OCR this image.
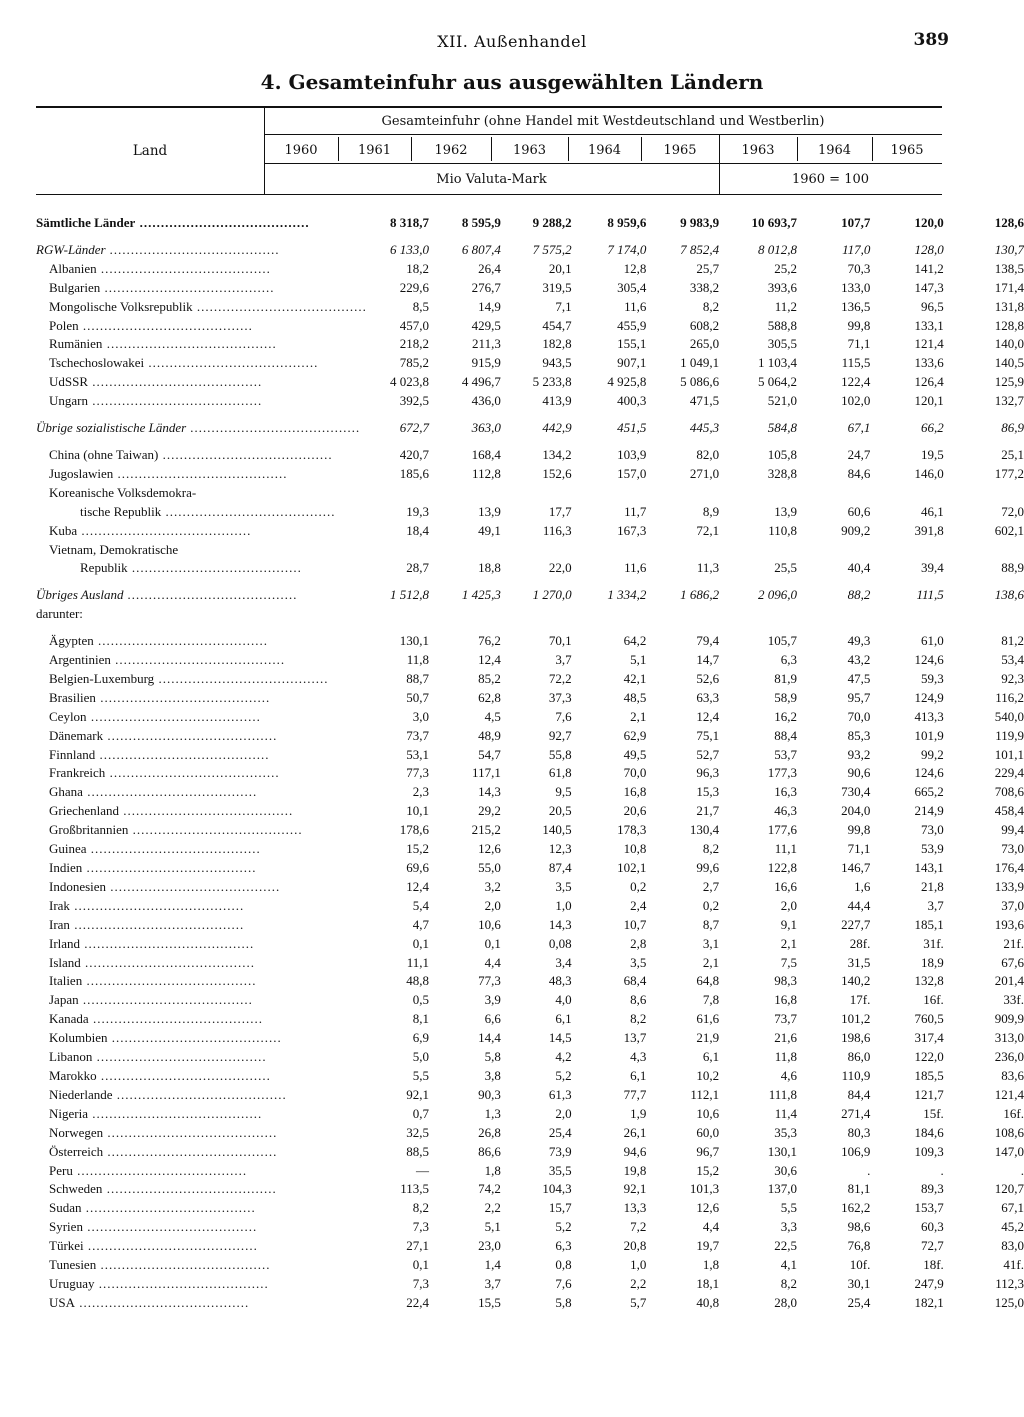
XII. Außenhandel	389
4. Gesamteinfuhr aus ausgewählten Ländern
Land
Gesamteinfuhr (ohne Handel mit Westdeutschland und Westberlin)
1960	1961	1962	1963	1964	1965	1963	1964	1965
Mio Valuta-Mark	1960 = 100
Sämtliche Länder ........................................	8 318,7	8 595,9	9 288,2	8 959,6	9 983,9	10 693,7	107,7	120,0	128,6

RGW-Länder ........................................	6 133,0	6 807,4	7 575,2	7 174,0	7 852,4	8 012,8	117,0	128,0	130,7
Albanien ........................................	18,2	26,4	20,1	12,8	25,7	25,2	70,3	141,2	138,5
Bulgarien ........................................	229,6	276,7	319,5	305,4	338,2	393,6	133,0	147,3	171,4
Mongolische Volksrepublik ........................................	8,5	14,9	7,1	11,6	8,2	11,2	136,5	96,5	131,8
Polen ........................................	457,0	429,5	454,7	455,9	608,2	588,8	99,8	133,1	128,8
Rumänien ........................................	218,2	211,3	182,8	155,1	265,0	305,5	71,1	121,4	140,0
Tschechoslowakei ........................................	785,2	915,9	943,5	907,1	1 049,1	1 103,4	115,5	133,6	140,5
UdSSR ........................................	4 023,8	4 496,7	5 233,8	4 925,8	5 086,6	5 064,2	122,4	126,4	125,9
Ungarn ........................................	392,5	436,0	413,9	400,3	471,5	521,0	102,0	120,1	132,7

Übrige sozialistische Länder ........................................	672,7	363,0	442,9	451,5	445,3	584,8	67,1	66,2	86,9

China (ohne Taiwan) ........................................	420,7	168,4	134,2	103,9	82,0	105,8	24,7	19,5	25,1
Jugoslawien ........................................	185,6	112,8	152,6	157,0	271,0	328,8	84,6	146,0	177,2
Koreanische Volksdemokra-									
tische Republik ........................................	19,3	13,9	17,7	11,7	8,9	13,9	60,6	46,1	72,0
Kuba ........................................	18,4	49,1	116,3	167,3	72,1	110,8	909,2	391,8	602,1
Vietnam, Demokratische									
Republik ........................................	28,7	18,8	22,0	11,6	11,3	25,5	40,4	39,4	88,9

Übriges Ausland ........................................	1 512,8	1 425,3	1 270,0	1 334,2	1 686,2	2 096,0	88,2	111,5	138,6
darunter:									

Ägypten ........................................	130,1	76,2	70,1	64,2	79,4	105,7	49,3	61,0	81,2
Argentinien ........................................	11,8	12,4	3,7	5,1	14,7	6,3	43,2	124,6	53,4
Belgien-Luxemburg ........................................	88,7	85,2	72,2	42,1	52,6	81,9	47,5	59,3	92,3
Brasilien ........................................	50,7	62,8	37,3	48,5	63,3	58,9	95,7	124,9	116,2
Ceylon ........................................	3,0	4,5	7,6	2,1	12,4	16,2	70,0	413,3	540,0
Dänemark ........................................	73,7	48,9	92,7	62,9	75,1	88,4	85,3	101,9	119,9
Finnland ........................................	53,1	54,7	55,8	49,5	52,7	53,7	93,2	99,2	101,1
Frankreich ........................................	77,3	117,1	61,8	70,0	96,3	177,3	90,6	124,6	229,4
Ghana ........................................	2,3	14,3	9,5	16,8	15,3	16,3	730,4	665,2	708,6
Griechenland ........................................	10,1	29,2	20,5	20,6	21,7	46,3	204,0	214,9	458,4
Großbritannien ........................................	178,6	215,2	140,5	178,3	130,4	177,6	99,8	73,0	99,4
Guinea ........................................	15,2	12,6	12,3	10,8	8,2	11,1	71,1	53,9	73,0
Indien ........................................	69,6	55,0	87,4	102,1	99,6	122,8	146,7	143,1	176,4
Indonesien ........................................	12,4	3,2	3,5	0,2	2,7	16,6	1,6	21,8	133,9
Irak ........................................	5,4	2,0	1,0	2,4	0,2	2,0	44,4	3,7	37,0
Iran ........................................	4,7	10,6	14,3	10,7	8,7	9,1	227,7	185,1	193,6
Irland ........................................	0,1	0,1	0,08	2,8	3,1	2,1	28f.	31f.	21f.
Island ........................................	11,1	4,4	3,4	3,5	2,1	7,5	31,5	18,9	67,6
Italien ........................................	48,8	77,3	48,3	68,4	64,8	98,3	140,2	132,8	201,4
Japan ........................................	0,5	3,9	4,0	8,6	7,8	16,8	17f.	16f.	33f.
Kanada ........................................	8,1	6,6	6,1	8,2	61,6	73,7	101,2	760,5	909,9
Kolumbien ........................................	6,9	14,4	14,5	13,7	21,9	21,6	198,6	317,4	313,0
Libanon ........................................	5,0	5,8	4,2	4,3	6,1	11,8	86,0	122,0	236,0
Marokko ........................................	5,5	3,8	5,2	6,1	10,2	4,6	110,9	185,5	83,6
Niederlande ........................................	92,1	90,3	61,3	77,7	112,1	111,8	84,4	121,7	121,4
Nigeria ........................................	0,7	1,3	2,0	1,9	10,6	11,4	271,4	15f.	16f.
Norwegen ........................................	32,5	26,8	25,4	26,1	60,0	35,3	80,3	184,6	108,6
Österreich ........................................	88,5	86,6	73,9	94,6	96,7	130,1	106,9	109,3	147,0
Peru ........................................	—	1,8	35,5	19,8	15,2	30,6	.	.	.
Schweden ........................................	113,5	74,2	104,3	92,1	101,3	137,0	81,1	89,3	120,7
Sudan ........................................	8,2	2,2	15,7	13,3	12,6	5,5	162,2	153,7	67,1
Syrien ........................................	7,3	5,1	5,2	7,2	4,4	3,3	98,6	60,3	45,2
Türkei ........................................	27,1	23,0	6,3	20,8	19,7	22,5	76,8	72,7	83,0
Tunesien ........................................	0,1	1,4	0,8	1,0	1,8	4,1	10f.	18f.	41f.
Uruguay ........................................	7,3	3,7	7,6	2,2	18,1	8,2	30,1	247,9	112,3
USA ........................................	22,4	15,5	5,8	5,7	40,8	28,0	25,4	182,1	125,0
